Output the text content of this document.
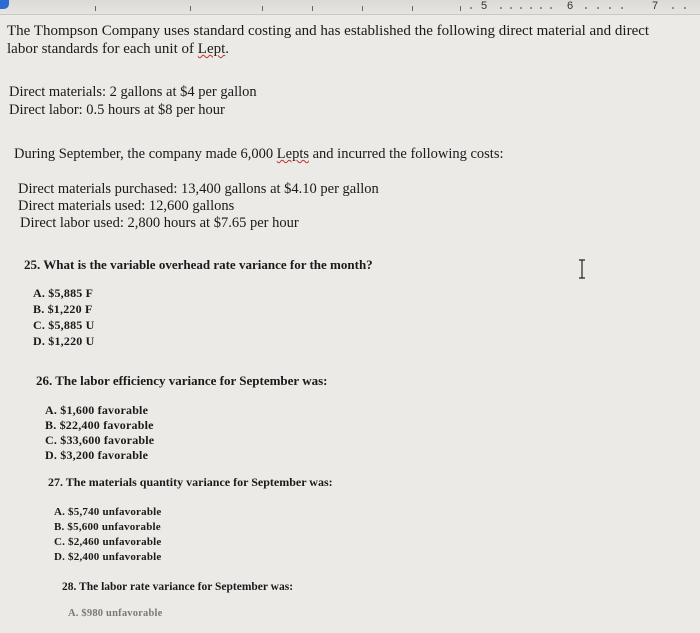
5	6	7
The Thompson Company uses standard costing and has established the following direct material and direct
labor standards for each unit of Lept.
Direct materials: 2 gallons at $4 per gallon
Direct labor: 0.5 hours at $8 per hour
During September, the company made 6,000 Lepts and incurred the following costs:
Direct materials purchased: 13,400 gallons at $4.10 per gallon
Direct materials used: 12,600 gallons
Direct labor used: 2,800 hours at $7.65 per hour
25. What is the variable overhead rate variance for the month?
A. $5,885 F
B. $1,220 F
C. $5,885 U
D. $1,220 U
26. The labor efficiency variance for September was:
A. $1,600 favorable
B. $22,400 favorable
C. $33,600 favorable
D. $3,200 favorable
27. The materials quantity variance for September was:
A. $5,740 unfavorable
B. $5,600 unfavorable
C. $2,460 unfavorable
D. $2,400 unfavorable
28. The labor rate variance for September was:
A. $980 unfavorable
